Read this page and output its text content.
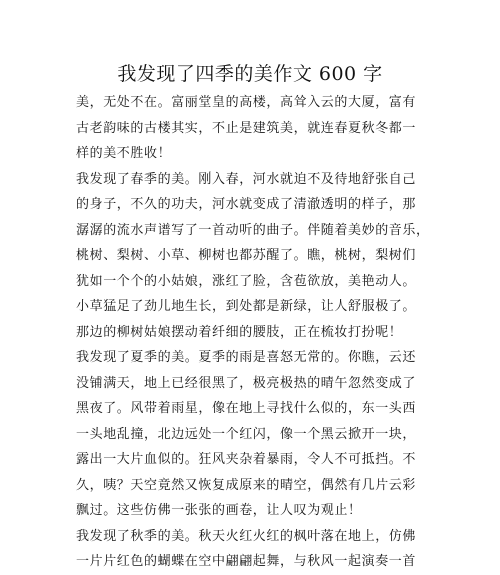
我发现了四季的美作文 600 字
美，无处不在。富丽堂皇的高楼，高耸入云的大厦，富有
古老韵味的古楼其实，不止是建筑美，就连春夏秋冬都一
样的美不胜收！
我发现了春季的美。刚入春，河水就迫不及待地舒张自己
的身子，不久的功夫，河水就变成了清澈透明的样子，那
潺潺的流水声谱写了一首动听的曲子。伴随着美妙的音乐，
桃树、梨树、小草、柳树也都苏醒了。瞧，桃树，梨树们
犹如一个个的小姑娘，涨红了脸，含苞欲放，美艳动人。
小草猛足了劲儿地生长，到处都是新绿，让人舒服极了。
那边的柳树姑娘摆动着纤细的腰肢，正在梳妆打扮呢！
我发现了夏季的美。夏季的雨是喜怒无常的。你瞧，云还
没铺满天，地上已经很黑了，极亮极热的晴午忽然变成了
黑夜了。风带着雨星，像在地上寻找什么似的，东一头西
一头地乱撞，北边远处一个红闪，像一个黑云掀开一块，
露出一大片血似的。狂风夹杂着暴雨，令人不可抵挡。不
久，咦？天空竟然又恢复成原来的晴空，偶然有几片云彩
飘过。这些仿佛一张张的画卷，让人叹为观止！
我发现了秋季的美。秋天火红火红的枫叶落在地上，仿佛
一片片红色的蝴蝶在空中翩翩起舞，与秋风一起演奏一首
